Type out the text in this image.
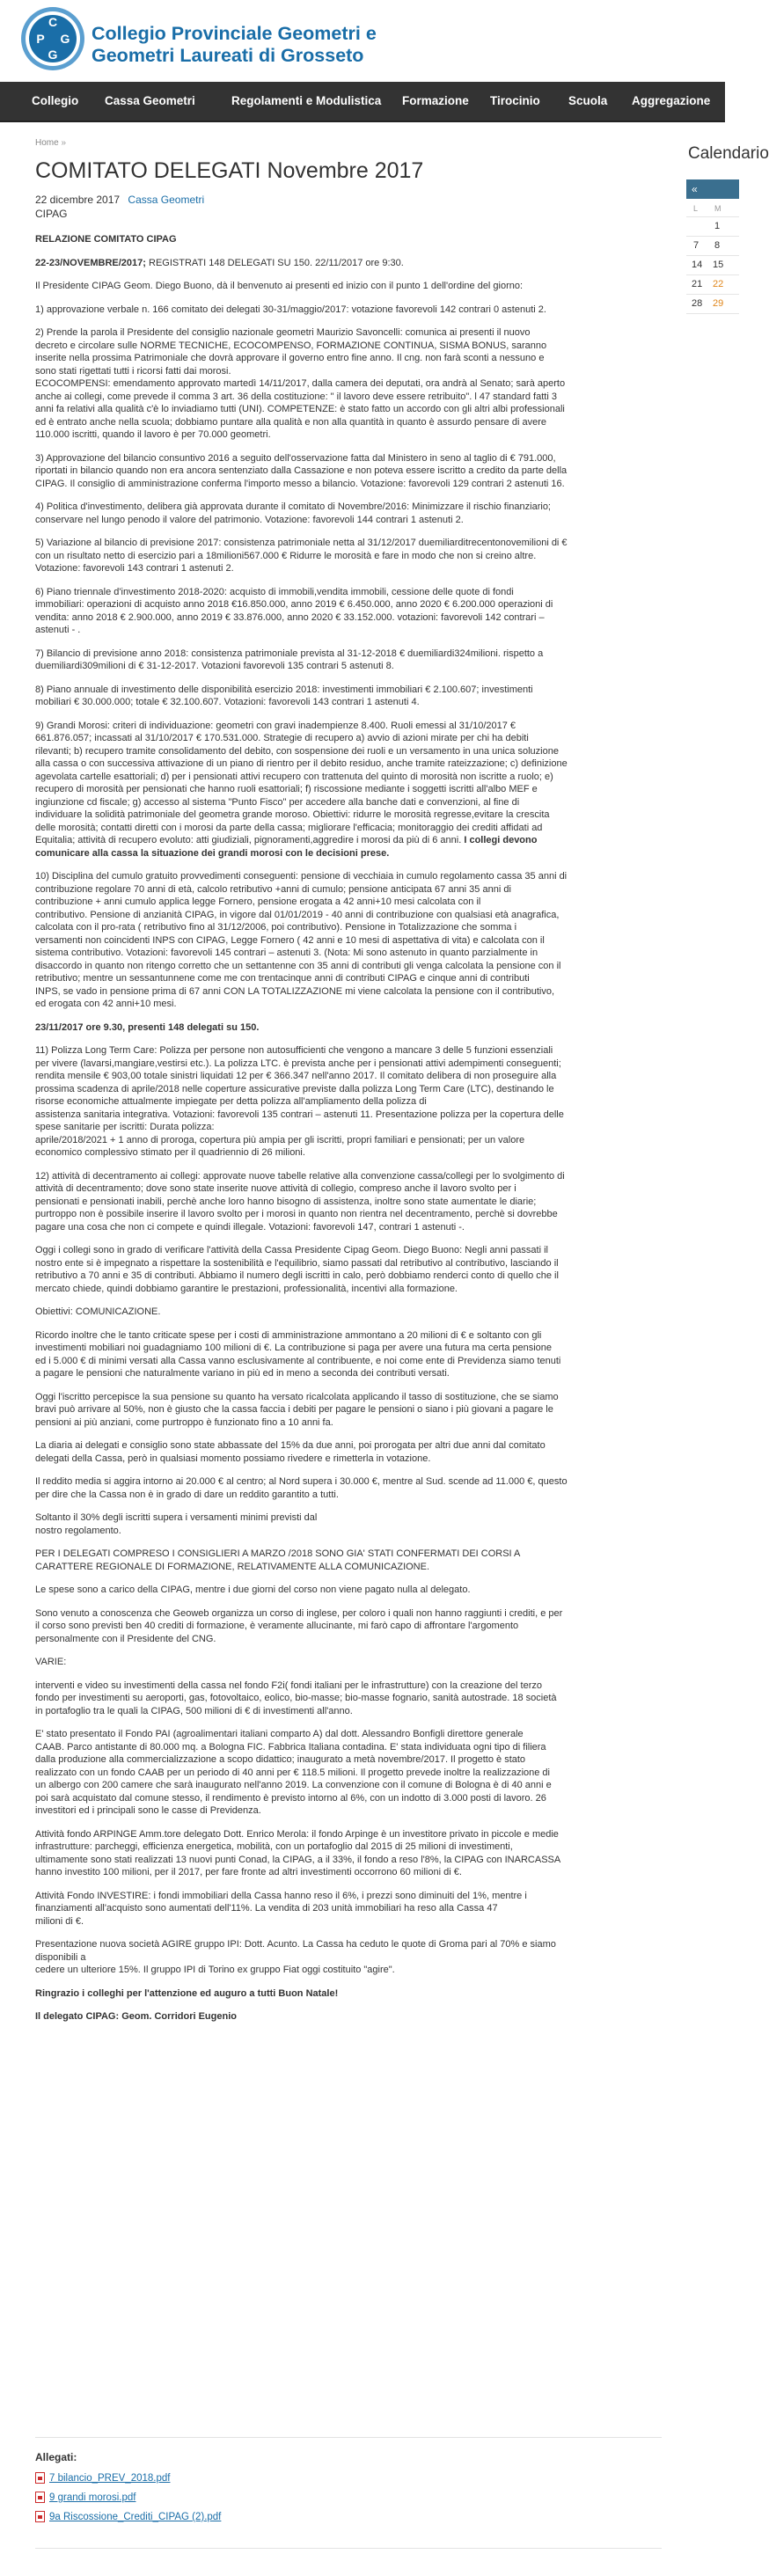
C
P G
G
Collegio Provinciale Geometri e
Geometri Laureati di Grosseto
Collegio Cassa Geometri	Regolamenti e Modulistica Formazione Tirocinio Scuola Aggregazione
Home »
COMITATO DELEGATI Novembre 2017
22 dicembre 2017 Cassa Geometri
CIPAG
RELAZIONE COMITATO CIPAG
22-23/NOVEMBRE/2017; REGISTRATI 148 DELEGATI SU 150. 22/11/2017 ore 9:30.
Il Presidente CIPAG Geom. Diego Buono, dà il benvenuto ai presenti ed inizio con il punto 1 dell'ordine del giorno:
1) approvazione verbale n. 166 comitato dei delegati 30-31/maggio/2017: votazione favorevoli 142 contrari 0 astenuti 2.
2) Prende la parola il Presidente del consiglio nazionale geometri Maurizio Savoncelli: comunica ai presenti il nuovo
decreto e circolare sulle NORME TECNICHE, ECOCOMPENSO, FORMAZIONE CONTINUA, SISMA BONUS, saranno
inserite nella prossima Patrimoniale che dovrà approvare il governo entro fine anno. Il cng. non farà sconti a nessuno e
sono stati rigettati tutti i ricorsi fatti dai morosi.
ECOCOMPENSI: emendamento approvato martedì 14/11/2017, dalla camera dei deputati, ora andrà al Senato; sarà aperto
anche ai collegi, come prevede il comma 3 art. 36 della costituzione: " il lavoro deve essere retribuito". l 47 standard fatti 3
anni fa relativi alla qualità c'è lo inviadiamo tutti (UNI). COMPETENZE: è stato fatto un accordo con gli altri albi professionali
ed è entrato anche nella scuola; dobbiamo puntare alla qualità e non alla quantità in quanto è assurdo pensare di avere
110.000 iscritti, quando il lavoro è per 70.000 geometri.
3) Approvazione del bilancio consuntivo 2016 a seguito dell'osservazione fatta dal Ministero in seno al taglio di € 791.000,
riportati in bilancio quando non era ancora sentenziato dalla Cassazione e non poteva essere iscritto a credito da parte della
CIPAG. Il consiglio di amministrazione conferma l'importo messo a bilancio. Votazione: favorevoli 129 contrari 2 astenuti 16.
4) Politica d'investimento, delibera già approvata durante il comitato di Novembre/2016: Minimizzare il rischio finanziario;
conservare nel lungo penodo il valore del patrimonio. Votazione: favorevoli 144 contrari 1 astenuti 2.
5) Variazione al bilancio di previsione 2017: consistenza patrimoniale netta al 31/12/2017 duemiliarditrecentonovemilioni di €
con un risultato netto di esercizio pari a 18milioni567.000 € Ridurre le morosità e fare in modo che non si creino altre.
Votazione: favorevoli 143 contrari 1 astenuti 2.
6) Piano triennale d'investimento 2018-2020: acquisto di immobili,vendita immobili, cessione delle quote di fondi
immobiliari: operazioni di acquisto anno 2018 €16.850.000, anno 2019 € 6.450.000, anno 2020 € 6.200.000 operazioni di
vendita: anno 2018 € 2.900.000, anno 2019 € 33.876.000, anno 2020 € 33.152.000. votazioni: favorevoli 142 contrari –
astenuti - .
7) Bilancio di previsione anno 2018: consistenza patrimoniale prevista al 31-12-2018 € duemiliardi324milioni. rispetto a
duemiliardi309milioni di € 31-12-2017. Votazioni favorevoli 135 contrari 5 astenuti 8.
8) Piano annuale di investimento delle disponibilità esercizio 2018: investimenti immobiliari € 2.100.607; investimenti
mobiliari € 30.000.000; totale € 32.100.607. Votazioni: favorevoli 143 contrari 1 astenuti 4.
9) Grandi Morosi: criteri di individuazione: geometri con gravi inadempienze 8.400. Ruoli emessi al 31/10/2017 €
661.876.057; incassati al 31/10/2017 € 170.531.000. Strategie di recupero a) avvio di azioni mirate per chi ha debiti
rilevanti; b) recupero tramite consolidamento del debito, con sospensione dei ruoli e un versamento in una unica soluzione
alla cassa o con successiva attivazione di un piano di rientro per il debito residuo, anche tramite rateizzazione; c) definizione
agevolata cartelle esattoriali; d) per i pensionati attivi recupero con trattenuta del quinto di morosità non iscritte a ruolo; e)
recupero di morosità per pensionati che hanno ruoli esattoriali; f) riscossione mediante i soggetti iscritti all'albo MEF e
ingiunzione cd fiscale; g) accesso al sistema "Punto Fisco" per accedere alla banche dati e convenzioni, al fine di
individuare la solidità patrimoniale del geometra grande moroso. Obiettivi: ridurre le morosità regresse,evitare la crescita
delle morosità; contatti diretti con i morosi da parte della cassa; migliorare l'efficacia; monitoraggio dei crediti affidati ad
Equitalia; attività di recupero evoluto: atti giudiziali, pignoramenti,aggredire i morosi da più di 6 anni. I collegi devono
comunicare alla cassa la situazione dei grandi morosi con le decisioni prese.
10) Disciplina del cumulo gratuito provvedimenti conseguenti: pensione di vecchiaia in cumulo regolamento cassa 35 anni di
contribuzione regolare 70 anni di età, calcolo retributivo +anni di cumulo; pensione anticipata 67 anni 35 anni di
contribuzione + anni cumulo applica legge Fornero, pensione erogata a 42 anni+10 mesi calcolata con il
contributivo. Pensione di anzianità CIPAG, in vigore dal 01/01/2019 - 40 anni di contribuzione con qualsiasi età anagrafica,
calcolata con il pro-rata ( retributivo fino al 31/12/2006, poi contributivo). Pensione in Totalizzazione che somma i
versamenti non coincidenti INPS con CIPAG, Legge Fornero ( 42 anni e 10 mesi di aspettativa di vita) e calcolata con il
sistema contributivo. Votazioni: favorevoli 145 contrari – astenuti 3. (Nota: Mi sono astenuto in quanto parzialmente in
disaccordo in quanto non ritengo corretto che un settantenne con 35 anni di contributi gli venga calcolata la pensione con il
retributivo; mentre un sessantunnene come me con trentacinque anni di contributi CIPAG e cinque anni di contributi
INPS, se vado in pensione prima di 67 anni CON LA TOTALIZZAZIONE mi viene calcolata la pensione con il contributivo,
ed erogata con 42 anni+10 mesi.
23/11/2017 ore 9.30, presenti 148 delegati su 150.
11) Polizza Long Term Care: Polizza per persone non autosufficienti che vengono a mancare 3 delle 5 funzioni essenziali
per vivere (lavarsi,mangiare,vestirsi etc.). La polizza LTC. è prevista anche per i pensionati attivi adempimenti conseguenti;
rendita mensile € 903,00 totale sinistri liquidati 12 per € 366.347 nell'anno 2017. Il comitato delibera di non proseguire alla
prossima scadenza di aprile/2018 nelle coperture assicurative previste dalla polizza Long Term Care (LTC), destinando le
risorse economiche attualmente impiegate per detta polizza all'ampliamento della polizza di
assistenza sanitaria integrativa. Votazioni: favorevoli 135 contrari – astenuti 11. Presentazione polizza per la copertura delle
spese sanitarie per iscritti: Durata polizza:
aprile/2018/2021 + 1 anno di proroga, copertura più ampia per gli iscritti, propri familiari e pensionati; per un valore
economico complessivo stimato per il quadriennio di 26 milioni.
12) attività di decentramento ai collegi: approvate nuove tabelle relative alla convenzione cassa/collegi per lo svolgimento di
attività di decentramento; dove sono state inserite nuove attività di collegio, compreso anche il lavoro svolto per i
pensionati e pensionati inabili, perchè anche loro hanno bisogno di assistenza, inoltre sono state aumentate le diarie;
purtroppo non è possibile inserire il lavoro svolto per i morosi in quanto non rientra nel decentramento, perchè si dovrebbe
pagare una cosa che non ci compete e quindi illegale. Votazioni: favorevoli 147, contrari 1 astenuti -.
Oggi i collegi sono in grado di verificare l'attività della Cassa Presidente Cipag Geom. Diego Buono: Negli anni passati il
nostro ente si è impegnato a rispettare la sostenibilità e l'equilibrio, siamo passati dal retributivo al contributivo, lasciando il
retributivo a 70 anni e 35 di contributi. Abbiamo il numero degli iscritti in calo, però dobbiamo renderci conto di quello che il
mercato chiede, quindi dobbiamo garantire le prestazioni, professionalità, incentivi alla formazione.
Obiettivi: COMUNICAZIONE.
Ricordo inoltre che le tanto criticate spese per i costi di amministrazione ammontano a 20 milioni di € e soltanto con gli
investimenti mobiliari noi guadagniamo 100 milioni di €. La contribuzione si paga per avere una futura ma certa pensione
ed i 5.000 € di minimi versati alla Cassa vanno esclusivamente al contribuente, e noi come ente di Previdenza siamo tenuti
a pagare le pensioni che naturalmente variano in più ed in meno a seconda dei contributi versati.
Oggi l'iscritto percepisce la sua pensione su quanto ha versato ricalcolata applicando il tasso di sostituzione, che se siamo
bravi può arrivare al 50%, non è giusto che la cassa faccia i debiti per pagare le pensioni o siano i più giovani a pagare le
pensioni ai più anziani, come purtroppo è funzionato fino a 10 anni fa.
La diaria ai delegati e consiglio sono state abbassate del 15% da due anni, poi prorogata per altri due anni dal comitato
delegati della Cassa, però in qualsiasi momento possiamo rivedere e rimetterla in votazione.
Il reddito media si aggira intorno ai 20.000 € al centro; al Nord supera i 30.000 €, mentre al Sud. scende ad 11.000 €, questo
per dire che la Cassa non è in grado di dare un reddito garantito a tutti.
Soltanto il 30% degli iscritti supera i versamenti minimi previsti dal
nostro regolamento.
PER I DELEGATI COMPRESO I CONSIGLIERI A MARZO /2018 SONO GIA' STATI CONFERMATI DEI CORSI A
CARATTERE REGIONALE DI FORMAZIONE, RELATIVAMENTE ALLA COMUNICAZIONE.
Le spese sono a carico della CIPAG, mentre i due giorni del corso non viene pagato nulla al delegato.
Sono venuto a conoscenza che Geoweb organizza un corso di inglese, per coloro i quali non hanno raggiunti i crediti, e per
il corso sono previsti ben 40 crediti di formazione, è veramente allucinante, mi farò capo di affrontare l'argomento
personalmente con il Presidente del CNG.
VARIE:
interventi e video su investimenti della cassa nel fondo F2i( fondi italiani per le infrastrutture) con la creazione del terzo
fondo per investimenti su aeroporti, gas, fotovoltaico, eolico, bio-masse; bio-masse fognario, sanità autostrade. 18 società
in portafoglio tra le quali la CIPAG, 500 milioni di € di investimenti all'anno.
E' stato presentato il Fondo PAI (agroalimentari italiani comparto A) dal dott. Alessandro Bonfigli direttore generale
CAAB. Parco antistante di 80.000 mq. a Bologna FIC. Fabbrica Italiana contadina. E' stata individuata ogni tipo di filiera
dalla produzione alla commercializzazione a scopo didattico; inaugurato a metà novembre/2017. Il progetto è stato
realizzato con un fondo CAAB per un periodo di 40 anni per € 118.5 milioni. Il progetto prevede inoltre la realizzazione di
un albergo con 200 camere che sarà inaugurato nell'anno 2019. La convenzione con il comune di Bologna è di 40 anni e
poi sarà acquistato dal comune stesso, il rendimento è previsto intorno al 6%, con un indotto di 3.000 posti di lavoro. 26
investitori ed i principali sono le casse di Previdenza.
Attività fondo ARPINGE Amm.tore delegato Dott. Enrico Merola: il fondo Arpinge è un investitore privato in piccole e medie
infrastrutture: parcheggi, efficienza energetica, mobilità, con un portafoglio dal 2015 di 25 milioni di investimenti,
ultimamente sono stati realizzati 13 nuovi punti Conad, la CIPAG, a il 33%, il fondo a reso l'8%, la CIPAG con INARCASSA
hanno investito 100 milioni, per il 2017, per fare fronte ad altri investimenti occorrono 60 milioni di €.
Attività Fondo INVESTIRE: i fondi immobiliari della Cassa hanno reso il 6%, i prezzi sono diminuiti del 1%, mentre i
finanziamenti all'acquisto sono aumentati dell'11%. La vendita di 203 unità immobiliari ha reso alla Cassa 47
milioni di €.
Presentazione nuova società AGIRE gruppo IPI: Dott. Acunto. La Cassa ha ceduto le quote di Groma pari al 70% e siamo
disponibili a
cedere un ulteriore 15%. Il gruppo IPI di Torino ex gruppo Fiat oggi costituito "agire".
Ringrazio i colleghi per l'attenzione ed auguro a tutti Buon Natale!
Il delegato CIPAG: Geom. Corridori Eugenio
Allegati:
7 bilancio_PREV_2018.pdf
9 grandi morosi.pdf
9a Riscossione_Crediti_CIPAG (2).pdf
Calendario
«
L M
1
7 8
14 15
21 22
28 29
